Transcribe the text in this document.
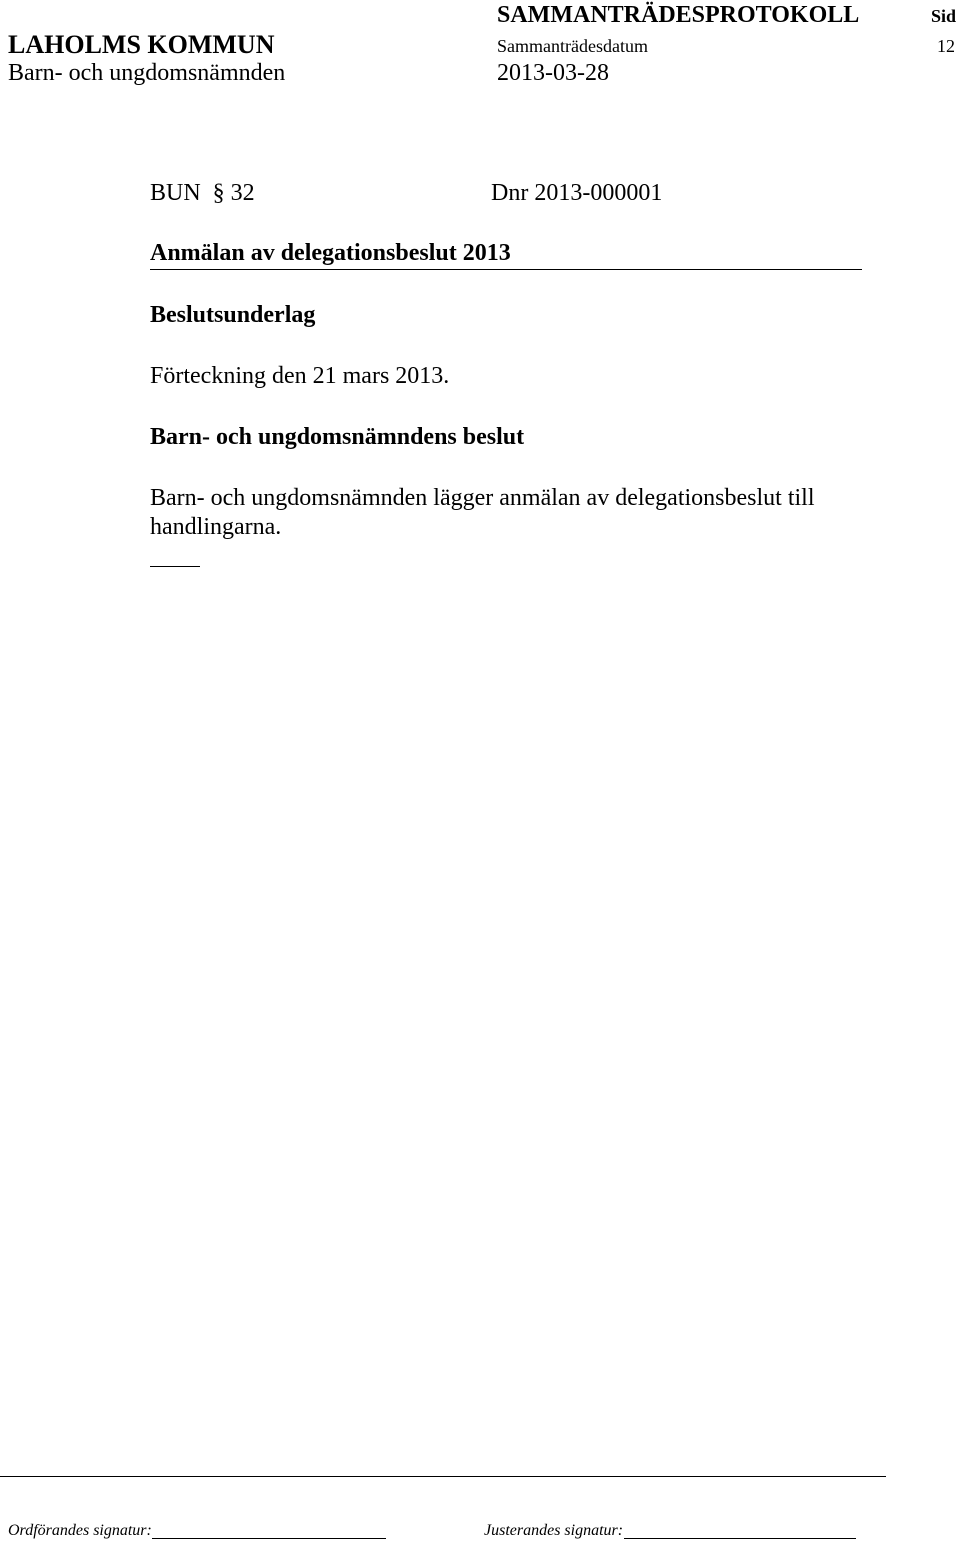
SAMMANTRÄDESPROTOKOLL	Sid
LAHOLMS KOMMUN	Sammanträdesdatum	12
Barn- och ungdomsnämnden	2013-03-28
BUN § 32	Dnr 2013-000001
Anmälan av delegationsbeslut 2013
Beslutsunderlag
Förteckning den 21 mars 2013.
Barn- och ungdomsnämndens beslut
Barn- och ungdomsnämnden lägger anmälan av delegationsbeslut till handlingarna.
Ordförandes signatur:	Justerandes signatur:
